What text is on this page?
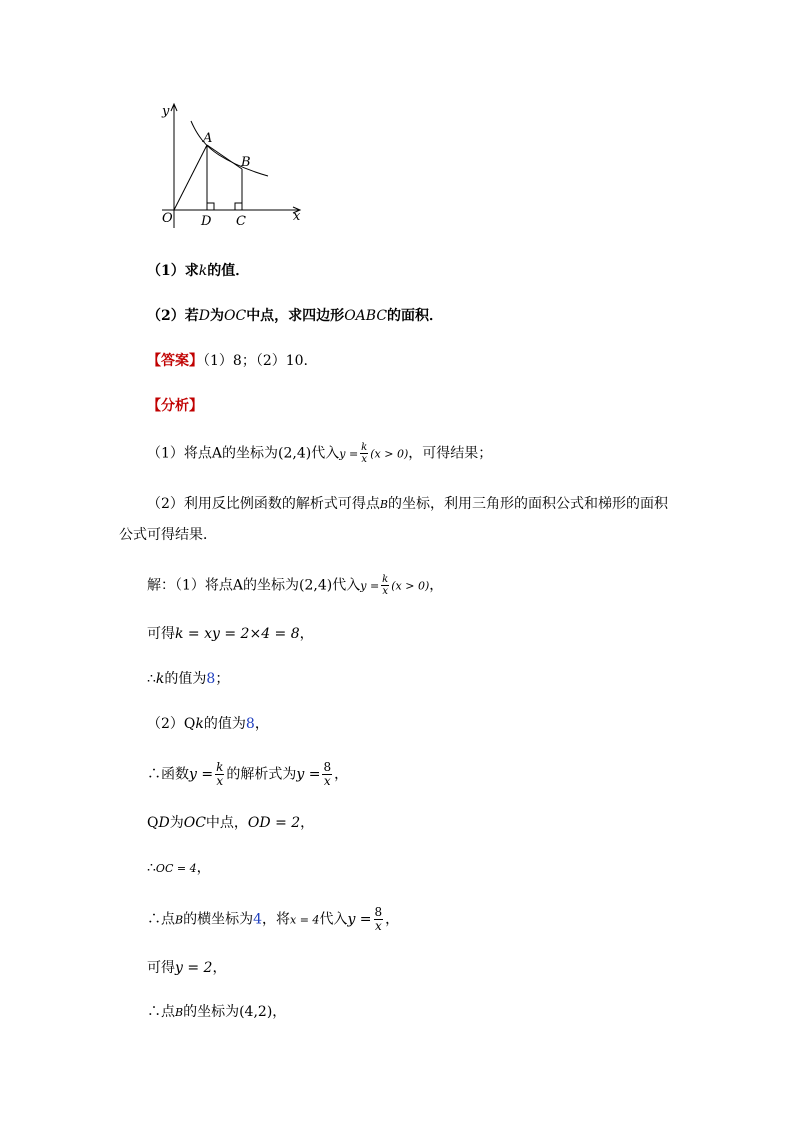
y
x
O
A
B
D C
（1）求k的值．
（2）若D为OC中点，求四边形OABC的面积．
【答案】（1）8；（2）10.
【分析】
（1）将点A的坐标为(2,4)代入$y = \frac{k}{x} (x > 0)$，可得结果；
（2）利用反比例函数的解析式可得点B的坐标，利用三角形的面积公式和梯形的面积
公式可得结果．
解：（1）将点A的坐标为(2,4)代入$y = \frac{k}{x} (x > 0)$，
可得k = xy = 2×4 = 8，
∴k的值为8；
（2）Qk的值为8，
∴函数$y = \frac{k}{x}$ 的解析式为$y = \frac{8}{x}$ ，
QD为OC中点，OD = 2，
∴OC = 4，
∴点B的横坐标为4，将x = 4代入$y = \frac{8}{x}$ ，
可得y = 2，
∴点B的坐标为(4,2)，
